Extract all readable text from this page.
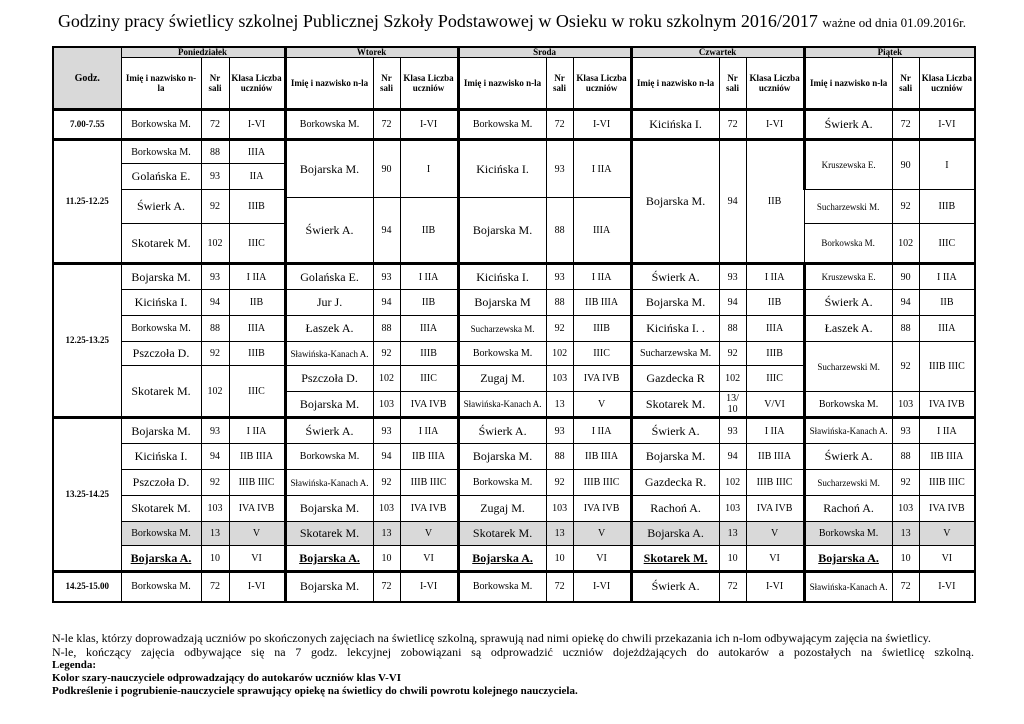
Godziny pracy świetlicy szkolnej Publicznej Szkoły Podstawowej w Osieku w roku szkolnym 2016/2017 ważne od dnia 01.09.2016r.
Godz.	Poniedziałek			Wtorek			Środa			Czwartek			Piątek		
	Imię i nazwisko n-la	Nr sali	Klasa Liczba uczniów	Imię i nazwisko n-la	Nr sali	Klasa Liczba uczniów	Imię i nazwisko n-la	Nr sali	Klasa Liczba uczniów	Imię i nazwisko n-la	Nr sali	Klasa Liczba uczniów	Imię i nazwisko n-la	Nr sali	Klasa Liczba uczniów
7.00-7.55	Borkowska M.	72	I-VI	Borkowska M.	72	I-VI	Borkowska M.	72	I-VI	Kicińska I.	72	I-VI	Świerk A.	72	I-VI
11.25-12.25	Borkowska M.	88	IIIA	Bojarska M.	90	I	Kicińska I.	93	I IIA	Bojarska M.	94	IIB	Kruszewska E.	90	I
	Golańska E.	93	IIA												
	Świerk A.	92	IIIB										Sucharzewski M.	92	IIIB
				Świerk A.	94	IIB	Bojarska M.	88	IIIA						
	Skotarek M.	102	IIIC										Borkowska M.	102	IIIC

12.25-13.25	Bojarska M.	93	I IIA	Golańska E.	93	I IIA	Kicińska I.	93	I IIA	Świerk A.	93	I IIA	Kruszewska E.	90	I IIA
	Kicińska I.	94	IIB	Jur J.	94	IIB	Bojarska M	88	IIB IIIA	Bojarska M.	94	IIB	Świerk A.	94	IIB
	Borkowska M.	88	IIIA	Łaszek A.	88	IIIA	Sucharzewska M.	92	IIIB	Kicińska I. .	88	IIIA	Łaszek A.	88	IIIA
	Pszczoła D.	92	IIIB	Sławińska-Kanach A.	92	IIIB	Borkowska M.	102	IIIC	Sucharzewska M.	92	IIIB	Sucharzewski M.	92	IIIB IIIC
	Skotarek M.	102	IIIC	Pszczoła D.	102	IIIC	Zugaj M.	103	IVA IVB	Gazdecka R	102	IIIC			
				Bojarska M.	103	IVA IVB	Sławińska-Kanach A.	13	V	Skotarek M.	13/ 10	V/VI	Borkowska M.	103	IVA IVB
13.25-14.25	Bojarska M.	93	I IIA	Świerk A.	93	I IIA	Świerk A.	93	I IIA	Świerk A.	93	I IIA	Sławińska-Kanach A.	93	I IIA
	Kicińska I.	94	IIB IIIA	Borkowska M.	94	IIB IIIA	Bojarska M.	88	IIB IIIA	Bojarska M.	94	IIB IIIA	Świerk A.	88	IIB IIIA
	Pszczoła D.	92	IIIB IIIC	Sławińska-Kanach A.	92	IIIB IIIC	Borkowska M.	92	IIIB IIIC	Gazdecka R.	102	IIIB IIIC	Sucharzewski M.	92	IIIB IIIC
	Skotarek M.	103	IVA IVB	Bojarska M.	103	IVA IVB	Zugaj M.	103	IVA IVB	Rachoń A.	103	IVA IVB	Rachoń A.	103	IVA IVB
	Borkowska M.	13	V	Skotarek M.	13	V	Skotarek M.	13	V	Bojarska A.	13	V	Borkowska M.	13	V
	Bojarska A.	10	VI	Bojarska A.	10	VI	Bojarska A.	10	VI	Skotarek M.	10	VI	Bojarska A.	10	VI
14.25-15.00	Borkowska M.	72	I-VI	Bojarska M.	72	I-VI	Borkowska M.	72	I-VI	Świerk A.	72	I-VI	Sławińska-Kanach A.	72	I-VI
N-le klas, którzy doprowadzają uczniów po skończonych zajęciach na świetlicę szkolną, sprawują nad nimi opiekę do chwili przekazania ich n-lom odbywającym zajęcia na świetlicy.
N-le, kończący zajęcia odbywające się na 7 godz. lekcyjnej zobowiązani są odprowadzić uczniów dojeżdżających do autokarów a pozostałych na świetlicę szkolną.
Legenda:
Kolor szary-nauczyciele odprowadzający do autokarów uczniów klas V-VI
Podkreślenie i pogrubienie-nauczyciele sprawujący opiekę na świetlicy do chwili powrotu kolejnego nauczyciela.
